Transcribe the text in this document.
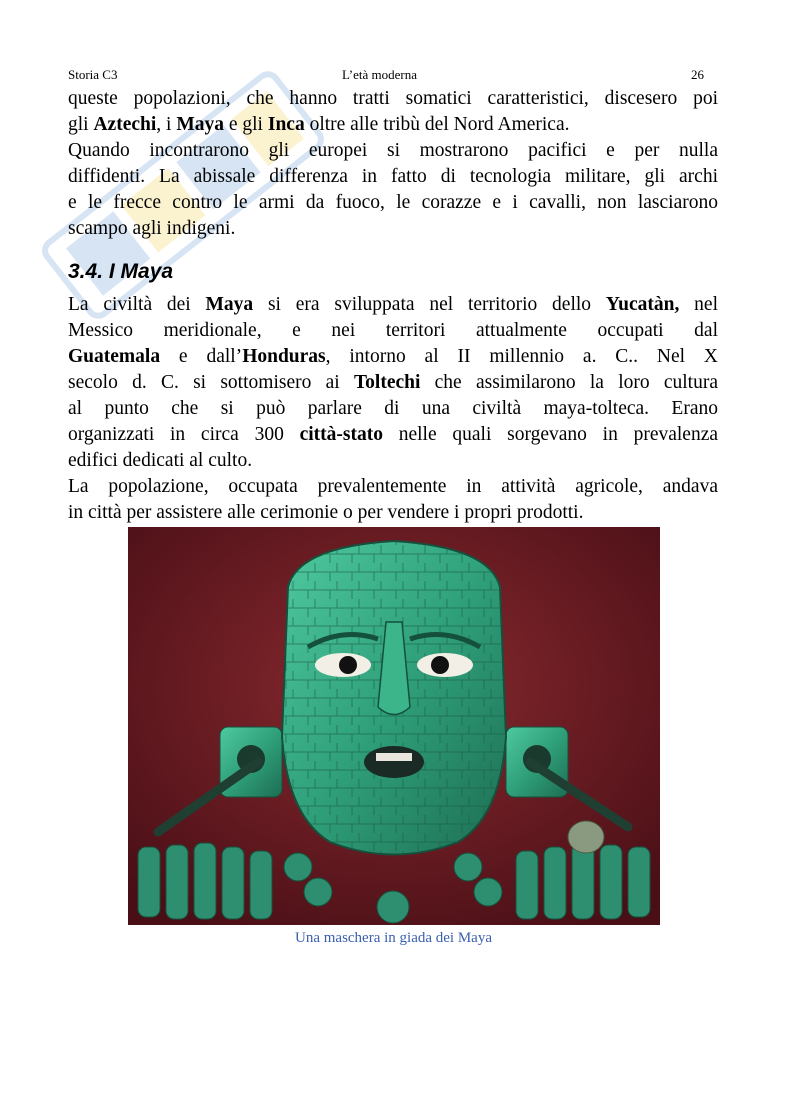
Storia C3	L’età moderna	26
queste popolazioni, che hanno tratti somatici caratteristici, discesero poi
gli Aztechi, i Maya e gli Inca oltre alle tribù del Nord America.
Quando incontrarono gli europei si mostrarono pacifici e per nulla
diffidenti. La abissale differenza in fatto di tecnologia militare, gli archi
e le frecce contro le armi da fuoco, le corazze e i cavalli, non lasciarono
scampo agli indigeni.
3.4. I Maya
La civiltà dei Maya si era sviluppata nel territorio dello Yucatàn, nel
Messico meridionale, e nei territori attualmente occupati dal
Guatemala e dall’Honduras, intorno al II millennio a. C.. Nel X
secolo d. C. si sottomisero ai Toltechi che assimilarono la loro cultura
al punto che si può parlare di una civiltà maya-tolteca. Erano
organizzati in circa 300 città-stato nelle quali sorgevano in prevalenza
edifici dedicati al culto.
La popolazione, occupata prevalentemente in attività agricole, andava
in città per assistere alle cerimonie o per vendere i propri prodotti.
Una maschera in giada dei Maya
